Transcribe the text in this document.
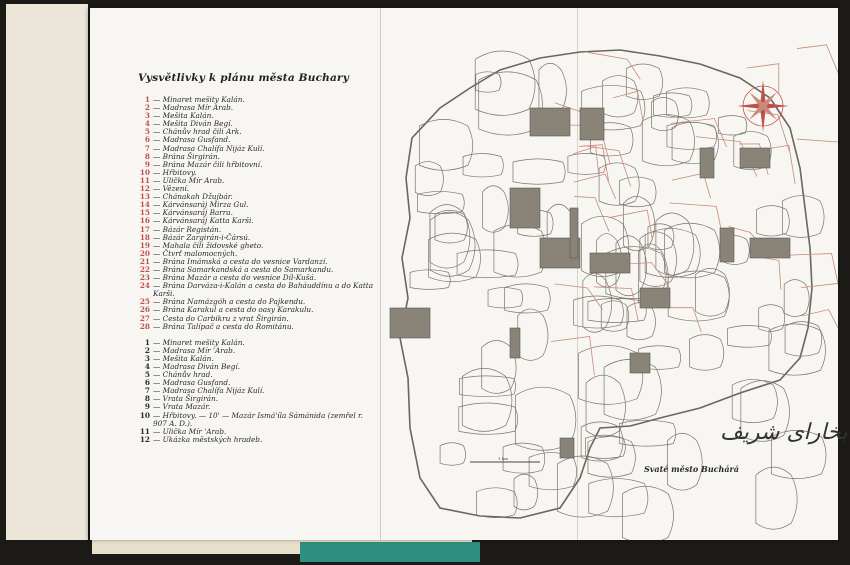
Vysvětlivky k plánu města Buchary
1 — Minaret mešity Kalán.
2 — Madrasa Mír Arab.
3 — Mešita Kalán.
4 — Mešita Diván Begí.
5 — Chánův hrad čili Ark.
6 — Madrasa Gusfand.
7 — Madrasa Chalífa Nijáz Kulí.
8 — Brána Širgirán.
9 — Brána Mazár čili hřbitovní.
10 — Hřbitovy.
11 — Ulička Mír Arab.
12 — Vězení.
13 — Chánakah Džujbár.
14 — Kárvánsaráj Mirza Gul.
15 — Kárvánsaráj Barra.
16 — Kárvánsaráj Katta Karši.
17 — Bázár Registán.
18 — Bázár Zargirán-i-Čársú.
19 — Mahala čili židovské gheto.
20 — Čtvrť malomocných.
21 — Brána Imámská a cesta do vesnice Vardanzí.
22 — Brána Samarkandská a cesta do Samarkandu.
23 — Brána Mazár a cesta do vesnice Díl-Kušá.
24 — Brána Darváza-i-Kalán a cesta do Baháuddínu a do Katta Karši.
25 — Brána Namázgóh a cesta do Pajkendu.
26 — Brána Karakul a cesta do oasy Karakulu.
27 — Cesta do Carbikru z vrat Širgirán.
28 — Brána Talípač a cesta do Romitánu.
1 — Minaret mešity Kalán.
2 — Madrasa Mír 'Arab.
3 — Mešita Kalán.
4 — Madrasa Diván Begí.
5 — Chánův hrad.
6 — Madrasa Gusfand.
7 — Madrasa Chalífa Nijáz Kulí.
8 — Vrata Širgirán.
9 — Vrata Mazár.
10 — Hřbitovy. — 10' — Mazár Ismá'íla Sámánida (zemřel r. 907 A. D.).
11 — Ulička Mír 'Arab.
12 — Ukázka městských hradeb.
1 km
بخارای شریف
Svaté město Buchárá
